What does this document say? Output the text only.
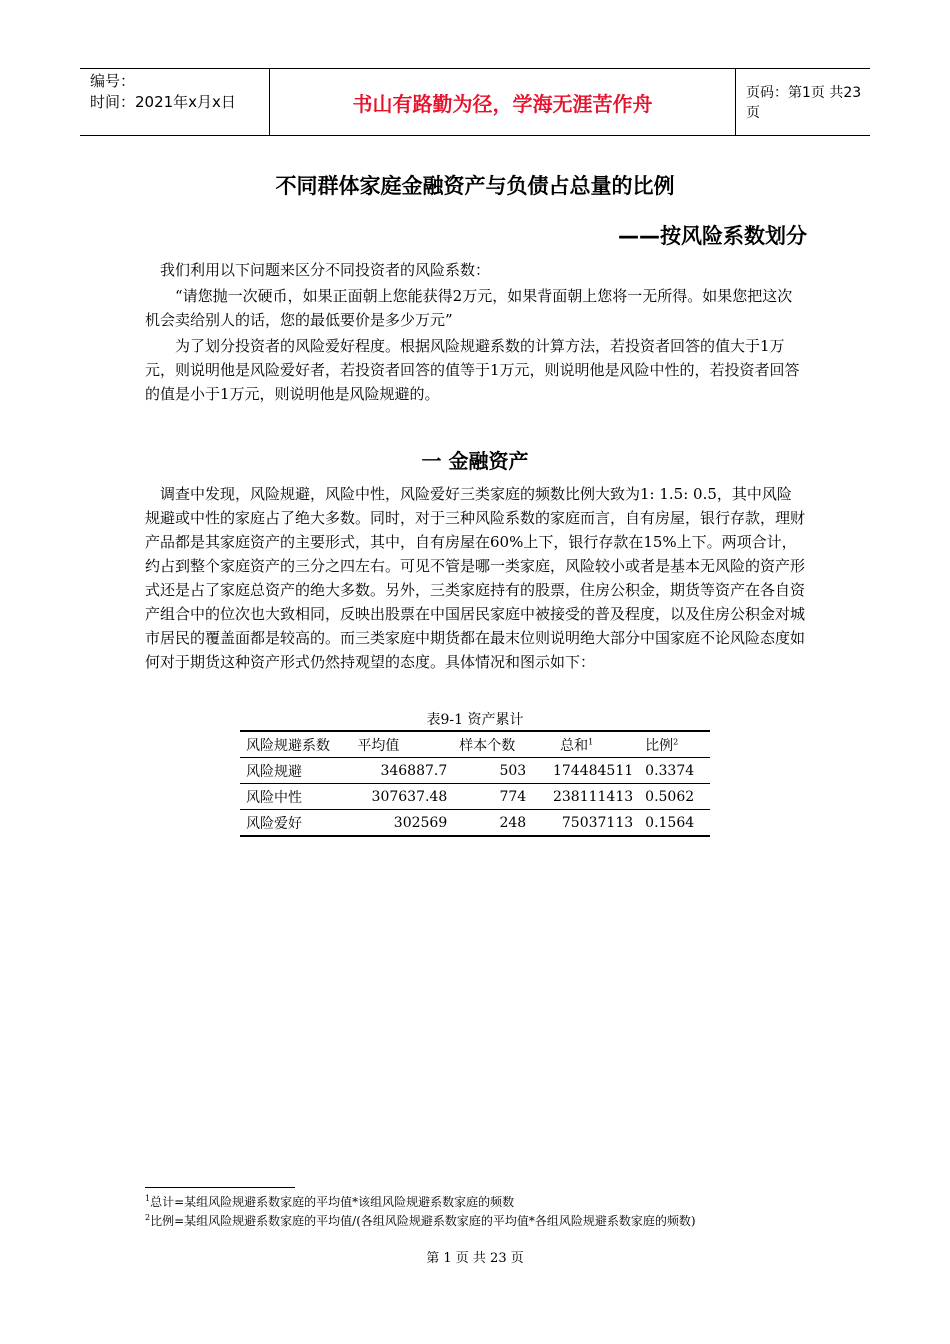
编号：
时间：2021年x月x日	书山有路勤为径，学海无涯苦作舟	页码：第1页 共23页
不同群体家庭金融资产与负债占总量的比例
——按风险系数划分

我们利用以下问题来区分不同投资者的风险系数：

“请您抛一次硬币，如果正面朝上您能获得2万元，如果背面朝上您将一无所得。如果您把这次机会卖给别人的话，您的最低要价是多少万元”

为了划分投资者的风险爱好程度。根据风险规避系数的计算方法，若投资者回答的值大于1万元，则说明他是风险爱好者，若投资者回答的值等于1万元，则说明他是风险中性的，若投资者回答的值是小于1万元，则说明他是风险规避的。

一 金融资产

调查中发现，风险规避，风险中性，风险爱好三类家庭的频数比例大致为1: 1.5: 0.5，其中风险规避或中性的家庭占了绝大多数。同时，对于三种风险系数的家庭而言，自有房屋，银行存款，理财产品都是其家庭资产的主要形式，其中，自有房屋在60%上下，银行存款在15%上下。两项合计，约占到整个家庭资产的三分之四左右。可见不管是哪一类家庭，风险较小或者是基本无风险的资产形式还是占了家庭总资产的绝大多数。另外，三类家庭持有的股票，住房公积金，期货等资产在各自资产组合中的位次也大致相同，反映出股票在中国居民家庭中被接受的普及程度，以及住房公积金对城市居民的覆盖面都是较高的。而三类家庭中期货都在最末位则说明绝大部分中国家庭不论风险态度如何对于期货这种资产形式仍然持观望的态度。具体情况和图示如下：

表9-1 资产累计
风险规避系数	平均值	样本个数	总和$^1$	比例$^2$
风险规避	346887.7	503	174484511	0.3374
风险中性	307637.48	774	238111413	0.5062
风险爱好	302569	248	75037113	0.1564
$^1$总计=某组风险规避系数家庭的平均值*该组风险规避系数家庭的频数
$^2$比例=某组风险规避系数家庭的平均值/(各组风险规避系数家庭的平均值*各组风险规避系数家庭的频数)
第 1 页 共 23 页
